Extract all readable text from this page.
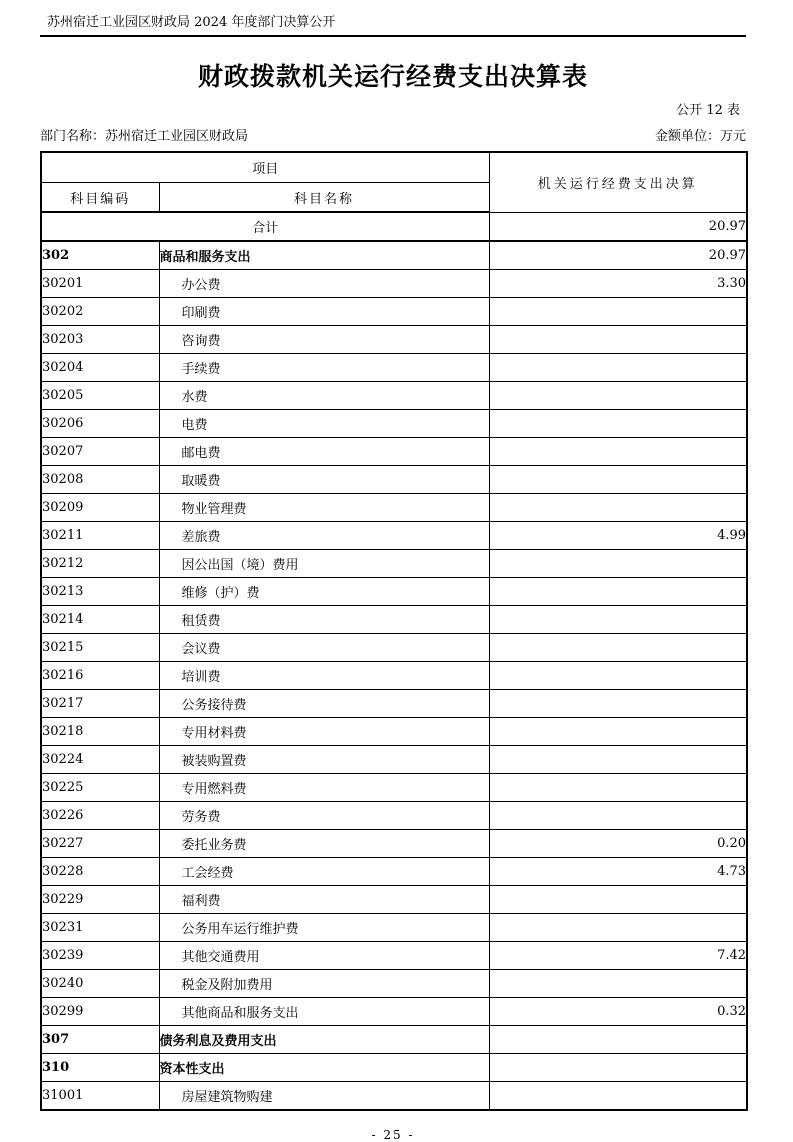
苏州宿迁工业园区财政局 2024 年度部门决算公开
财政拨款机关运行经费支出决算表
公开 12 表
部门名称：苏州宿迁工业园区财政局	金额单位：万元
项目		机关运行经费支出决算
科目编码	科目名称	
合计		20.97
302	商品和服务支出	20.97
30201	办公费	3.30
30202	印刷费	
30203	咨询费	
30204	手续费	
30205	水费	
30206	电费	
30207	邮电费	
30208	取暖费	
30209	物业管理费	
30211	差旅费	4.99
30212	因公出国（境）费用	
30213	维修（护）费	
30214	租赁费	
30215	会议费	
30216	培训费	
30217	公务接待费	
30218	专用材料费	
30224	被装购置费	
30225	专用燃料费	
30226	劳务费	
30227	委托业务费	0.20
30228	工会经费	4.73
30229	福利费	
30231	公务用车运行维护费	
30239	其他交通费用	7.42
30240	税金及附加费用	
30299	其他商品和服务支出	0.32
307	债务利息及费用支出	
310	资本性支出	
31001	房屋建筑物购建	
- 25 -
